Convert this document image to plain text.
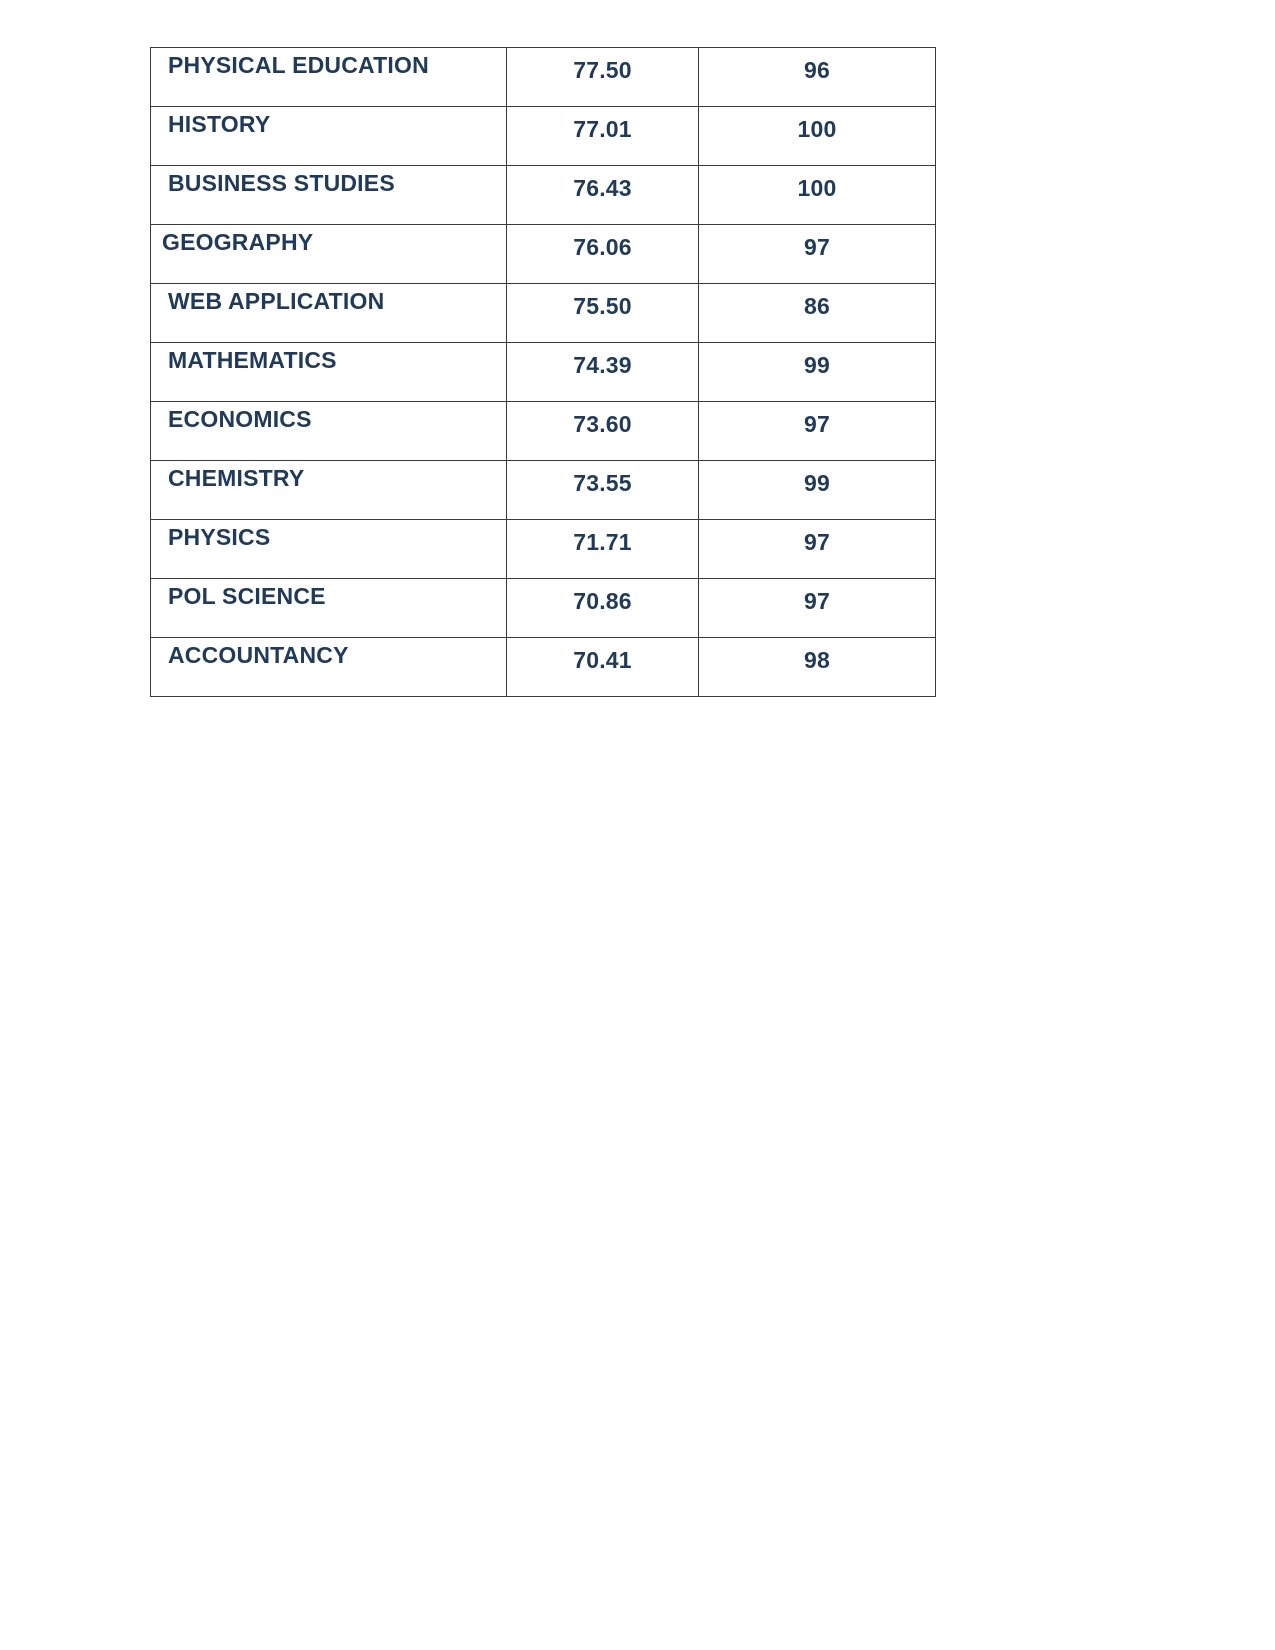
PHYSICAL EDUCATION	77.50	96

HISTORY	77.01	100

BUSINESS STUDIES	76.43	100

GEOGRAPHY	76.06	97

WEB APPLICATION	75.50	86

MATHEMATICS	74.39	99

ECONOMICS	73.60	97

CHEMISTRY	73.55	99

PHYSICS	71.71	97

POL SCIENCE	70.86	97

ACCOUNTANCY	70.41	98
